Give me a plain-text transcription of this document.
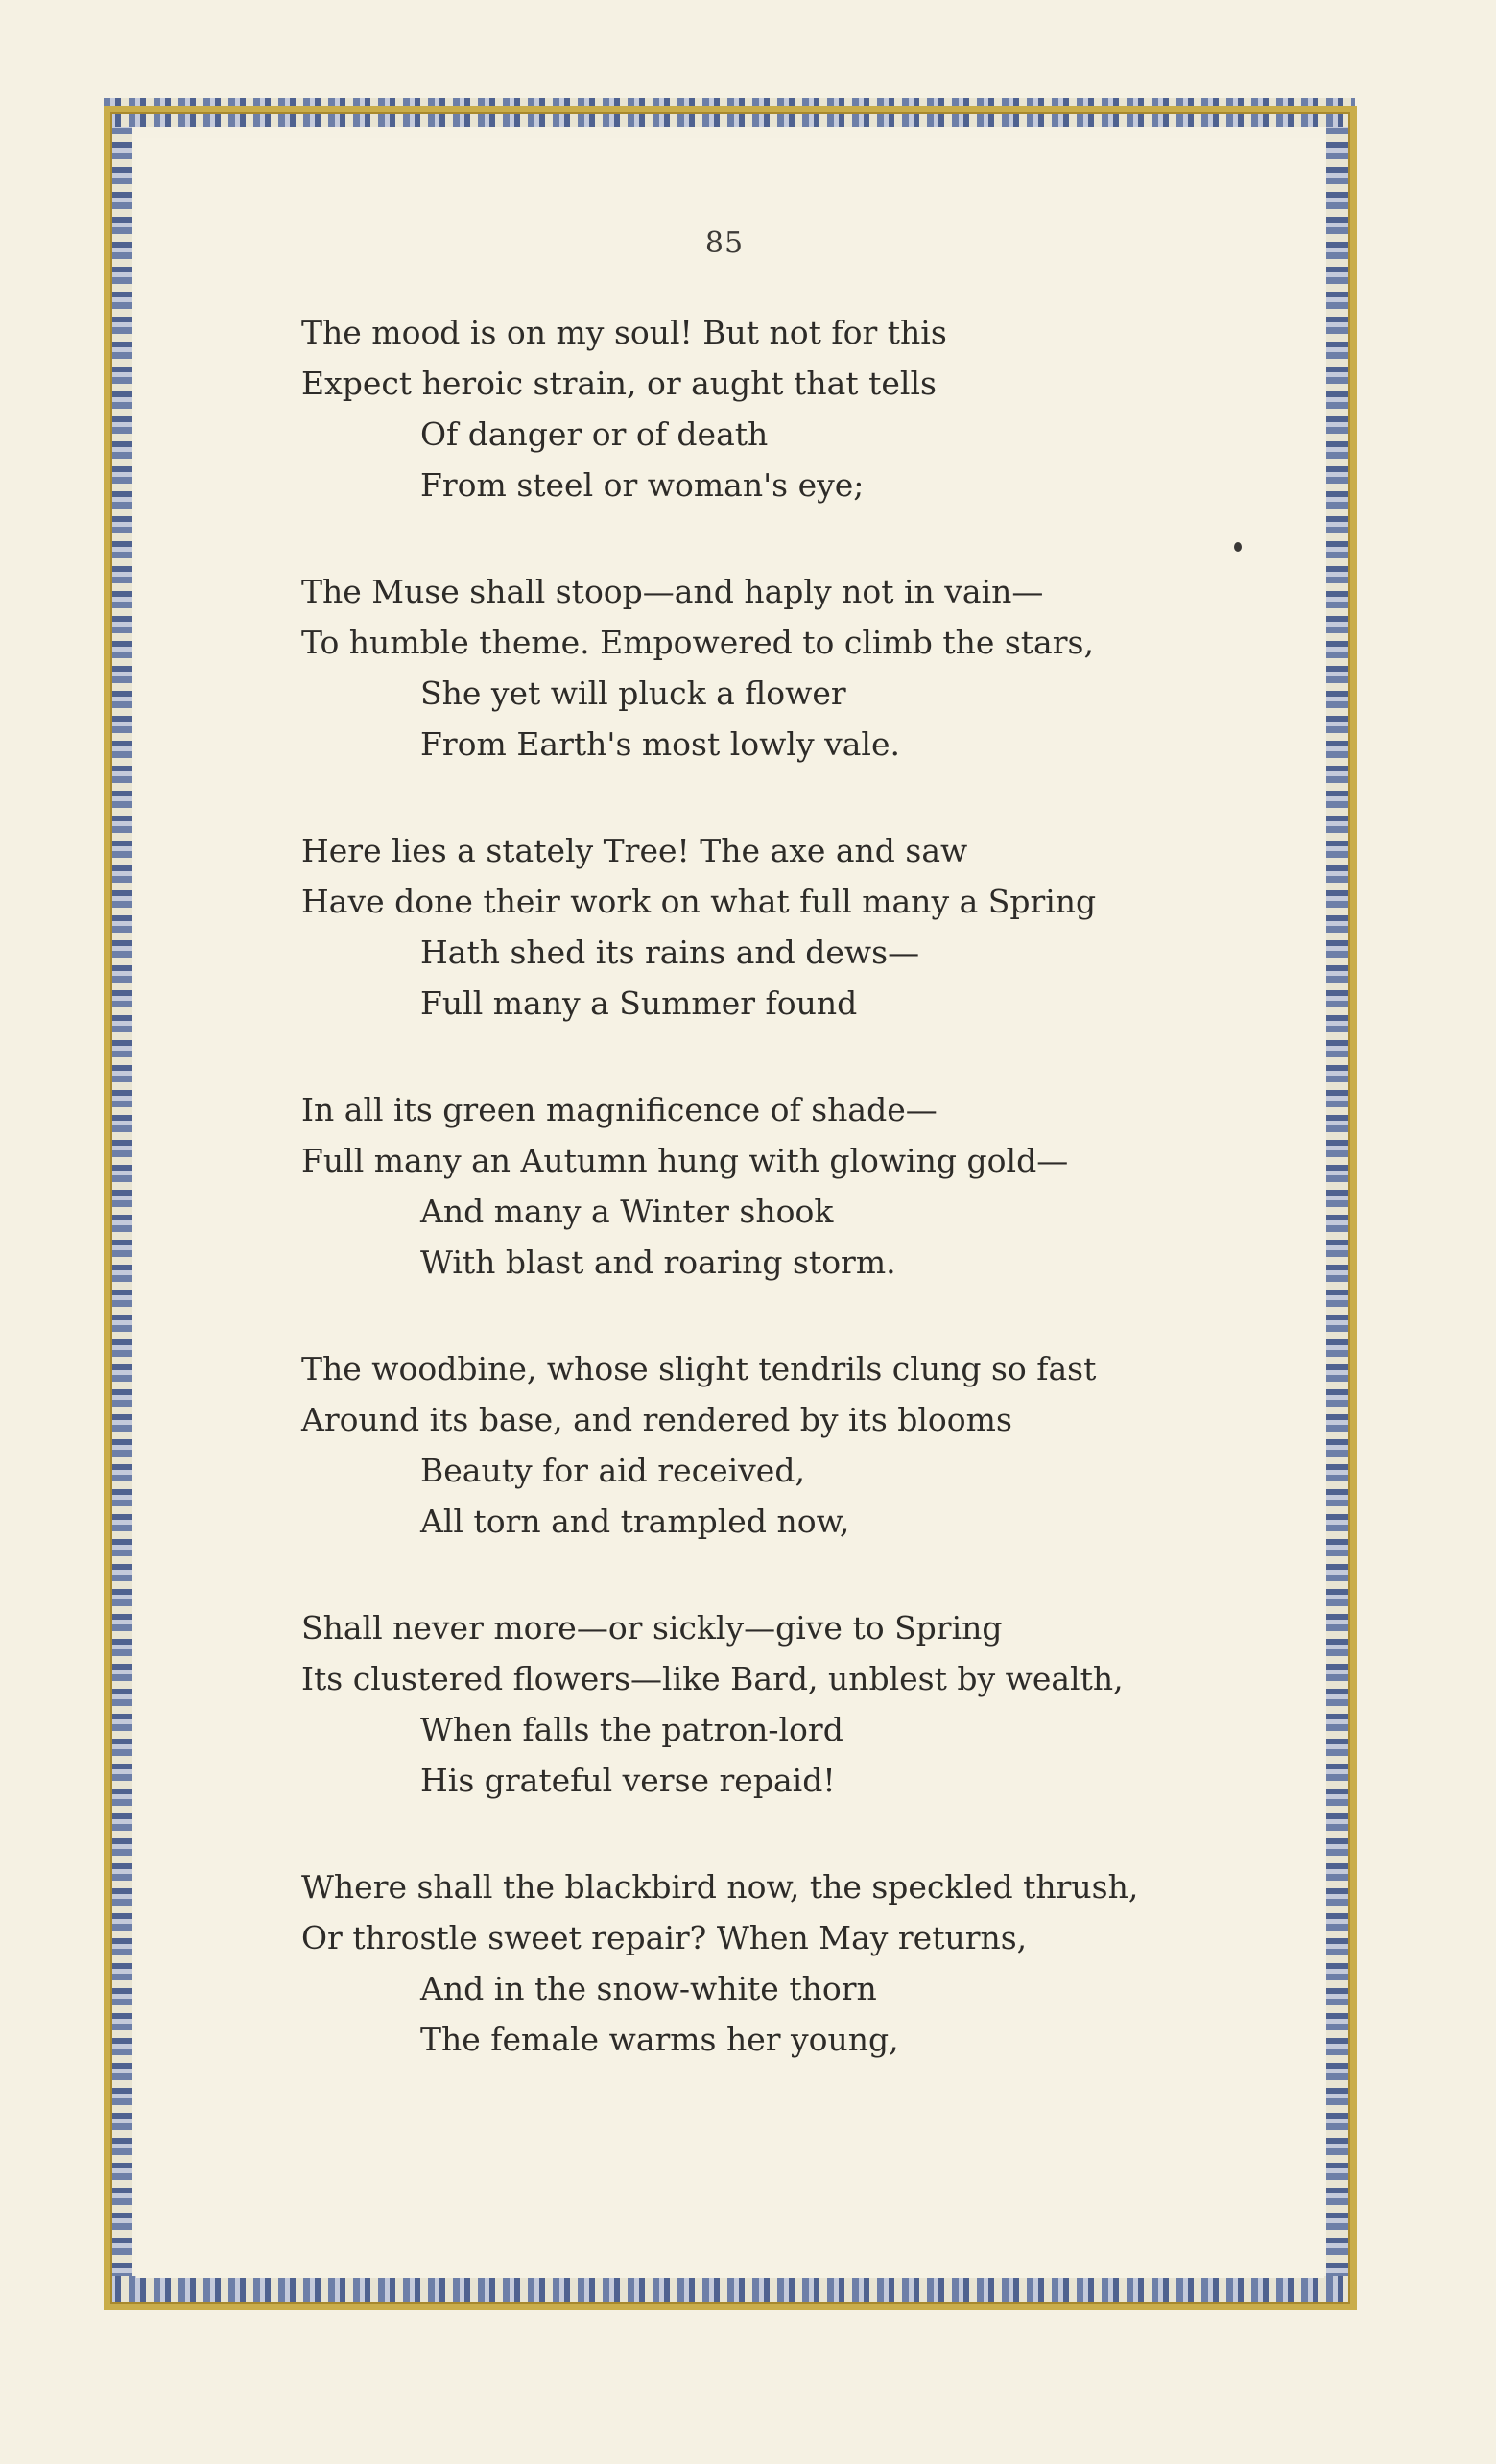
85
The mood is on my soul! But not for this
Expect heroic strain, or aught that tells
Of danger or of death
From steel or woman's eye;
The Muse shall stoop—and haply not in vain—
To humble theme. Empowered to climb the stars,
She yet will pluck a flower
From Earth's most lowly vale.
Here lies a stately Tree! The axe and saw
Have done their work on what full many a Spring
Hath shed its rains and dews—
Full many a Summer found
In all its green magnificence of shade—
Full many an Autumn hung with glowing gold—
And many a Winter shook
With blast and roaring storm.
The woodbine, whose slight tendrils clung so fast
Around its base, and rendered by its blooms
Beauty for aid received,
All torn and trampled now,
Shall never more—or sickly—give to Spring
Its clustered flowers—like Bard, unblest by wealth,
When falls the patron-lord
His grateful verse repaid!
Where shall the blackbird now, the speckled thrush,
Or throstle sweet repair? When May returns,
And in the snow-white thorn
The female warms her young,
